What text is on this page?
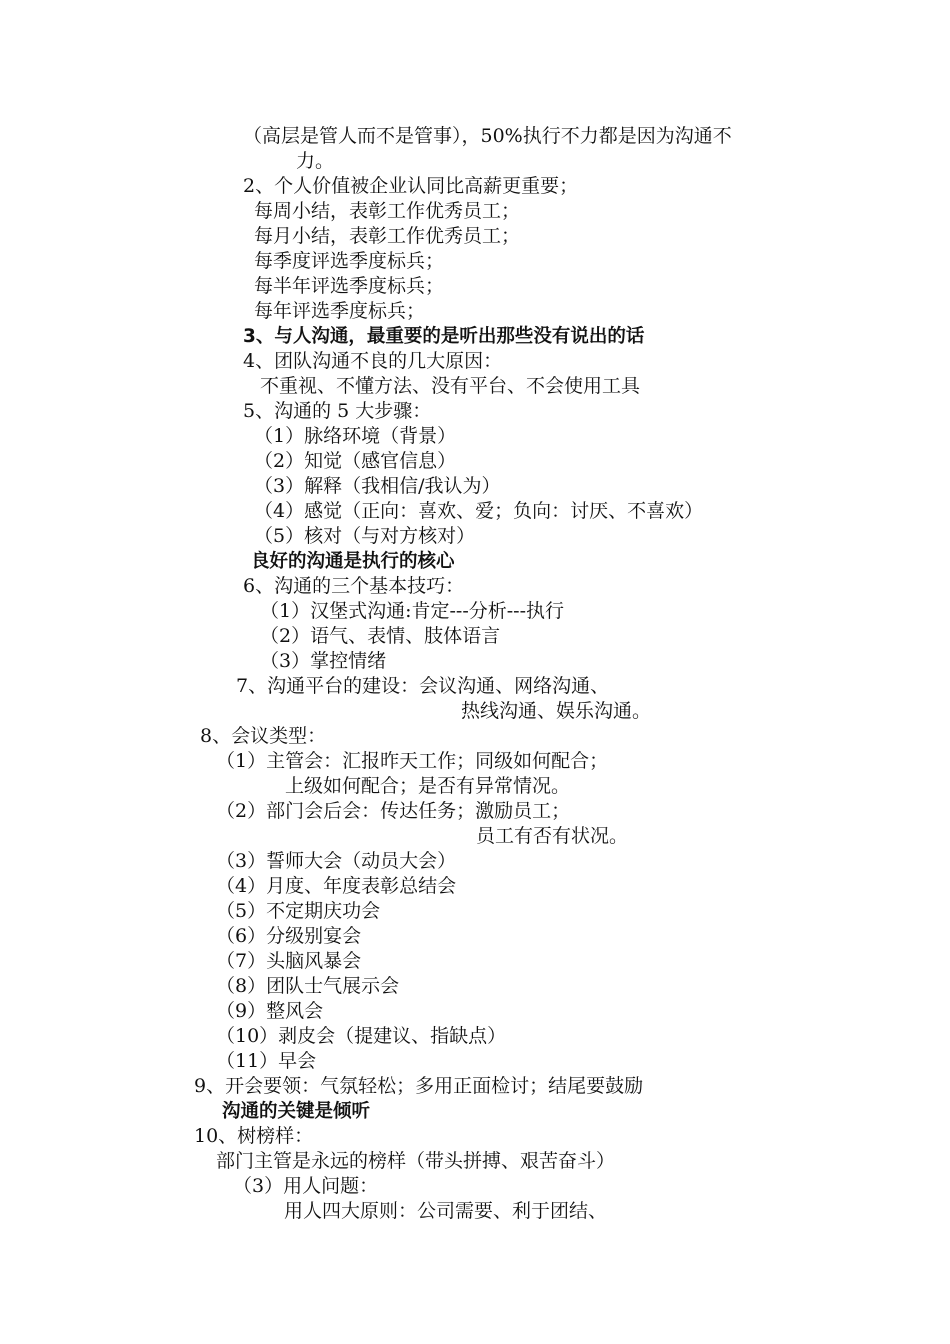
（高层是管人而不是管事），50%执行不力都是因为沟通不
力。
2、个人价值被企业认同比高薪更重要；
每周小结，表彰工作优秀员工；
每月小结，表彰工作优秀员工；
每季度评选季度标兵；
每半年评选季度标兵；
每年评选季度标兵；
3、与人沟通，最重要的是听出那些没有说出的话
4、团队沟通不良的几大原因：
不重视、不懂方法、没有平台、不会使用工具
5、沟通的 5 大步骤：
（1）脉络环境（背景）
（2）知觉（感官信息）
（3）解释（我相信/我认为）
（4）感觉（正向：喜欢、爱；负向：讨厌、不喜欢）
（5）核对（与对方核对）
良好的沟通是执行的核心
6、沟通的三个基本技巧：
（1）汉堡式沟通:肯定---分析---执行
（2）语气、表情、肢体语言
（3）掌控情绪
7、沟通平台的建设：会议沟通、网络沟通、
热线沟通、娱乐沟通。
8、会议类型：
（1）主管会：汇报昨天工作；同级如何配合；
上级如何配合；是否有异常情况。
（2）部门会后会：传达任务；激励员工；
员工有否有状况。
（3）誓师大会（动员大会）
（4）月度、年度表彰总结会
（5）不定期庆功会
（6）分级别宴会
（7）头脑风暴会
（8）团队士气展示会
（9）整风会
（10）剥皮会（提建议、指缺点）
（11）早会
9、开会要领：气氛轻松；多用正面检讨；结尾要鼓励
沟通的关键是倾听
10、树榜样：
部门主管是永远的榜样（带头拼搏、艰苦奋斗）
（3）用人问题：
用人四大原则：公司需要、利于团结、
